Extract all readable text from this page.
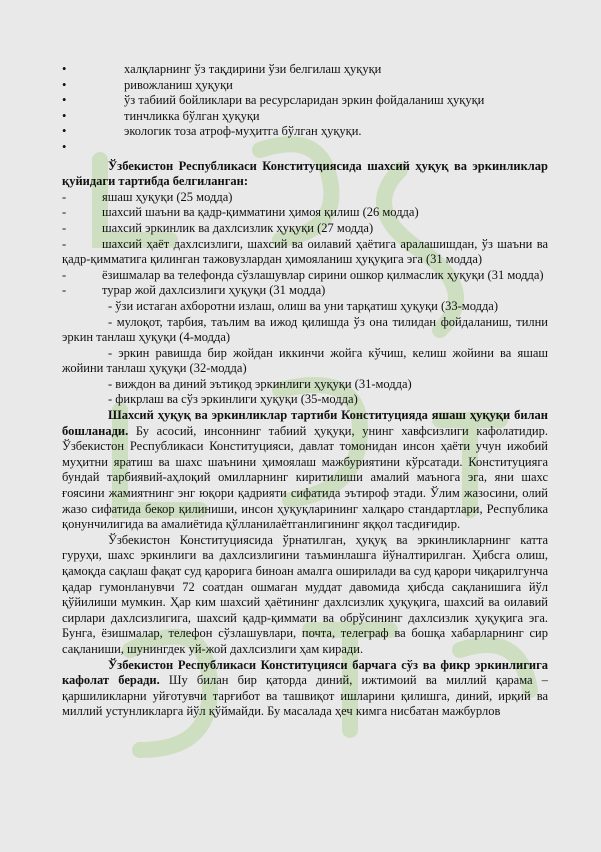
•	халқларнинг ўз тақдирини ўзи белгилаш ҳуқуқи
•	ривожланиш ҳуқуқи
•	ўз табиий бойликлари ва ресурсларидан эркин фойдаланиш ҳуқуқи
•	тинчликка бўлган ҳуқуқи
•	экологик тоза атроф-муҳитга бўлган ҳуқуқи.
•
Ўзбекистон Республикаси Конституциясида шахсий ҳуқуқ ва эркинликлар қуйидаги тартибда белгиланган:
-	яшаш ҳуқуқи (25 модда)
-	шахсий шаъни ва қадр-қимматини ҳимоя қилиш (26 модда)
-	шахсий эркинлик ва дахлсизлик ҳуқуқи (27 модда)
-	шахсий ҳаёт дахлсизлиги, шахсий ва оилавий ҳаётига аралашишдан, ўз шаъни ва қадр-қимматига қилинган тажовузлардан ҳимояланиш ҳуқуқига эга (31 модда)
-	ёзишмалар ва телефонда сўзлашувлар сирини ошкор қилмаслик ҳуқуқи (31 модда)
-	турар жой дахлсизлиги ҳуқуқи (31 модда)
- ўзи истаган ахборотни излаш, олиш ва уни тарқатиш ҳуқуқи (33-модда)
- мулоқот, тарбия, таълим ва ижод қилишда ўз она тилидан фойдаланиш, тилни эркин танлаш ҳуқуқи (4-модда)
- эркин равишда бир жойдан иккинчи жойга кўчиш, келиш жойини ва яшаш жойини танлаш ҳуқуқи (32-модда)
- виждон ва диний эътиқод эркинлиги ҳуқуқи (31-модда)
- фикрлаш ва сўз эркинлиги ҳуқуқи (35-модда)

Шахсий ҳуқуқ ва эркинликлар тартиби Конституцияда яшаш ҳуқуқи билан бошланади. Бу асосий, инсоннинг табиий ҳуқуқи, унинг хавфсизлиги кафолатидир. Ўзбекистон Республикаси Конституцияси, давлат томонидан инсон ҳаёти учун ижобий муҳитни яратиш ва шахс шаънини ҳимоялаш мажбуриятини кўрсатади. Конституцияга бундай тарбиявий-аҳлоқий омилларнинг киритилиши амалий маънога эга, яни шахс ғоясини жамиятнинг энг юқори қадрияти сифатида эътироф этади. Ўлим жазосини, олий жазо сифатида бекор қилиниши, инсон ҳуқуқларининг халқаро стандартлари, Республика қонунчилигида ва амалиётида қўлланилаётганлигининг яққол тасдиғидир.

Ўзбекистон Конституциясида ўрнатилган, ҳуқуқ ва эркинликларнинг катта гуруҳи, шахс эркинлиги ва дахлсизлигини таъминлашга йўналтирилган. Ҳибсга олиш, қамоқда сақлаш фақат суд қарорига биноан амалга оширилади ва суд қарори чиқарилгунча қадар гумонланувчи 72 соатдан ошмаган муддат давомида ҳибсда сақланишига йўл қўйилиши мумкин. Ҳар ким шахсий ҳаётининг дахлсизлик ҳуқуқига, шахсий ва оилавий сирлари дахлсизлигига, шахсий қадр-қиммати ва обрўсининг дахлсизлик ҳуқуқига эга. Бунга, ёзишмалар, телефон сўзлашувлари, почта, телеграф ва бошқа хабарларнинг сир сақланиши, шунингдек уй-жой дахлсизлиги ҳам киради.

Ўзбекистон Республикаси Конституцияси барчага сўз ва фикр эркинлигига кафолат беради. Шу билан бир қаторда диний, ижтимоий ва миллий қарама – қаршиликларни уйғотувчи тарғибот ва ташвиқот ишларини қилишга, диний, ирқий ва миллий устунликларга йўл қўймайди. Бу масалада ҳеч кимга нисбатан мажбурлов
